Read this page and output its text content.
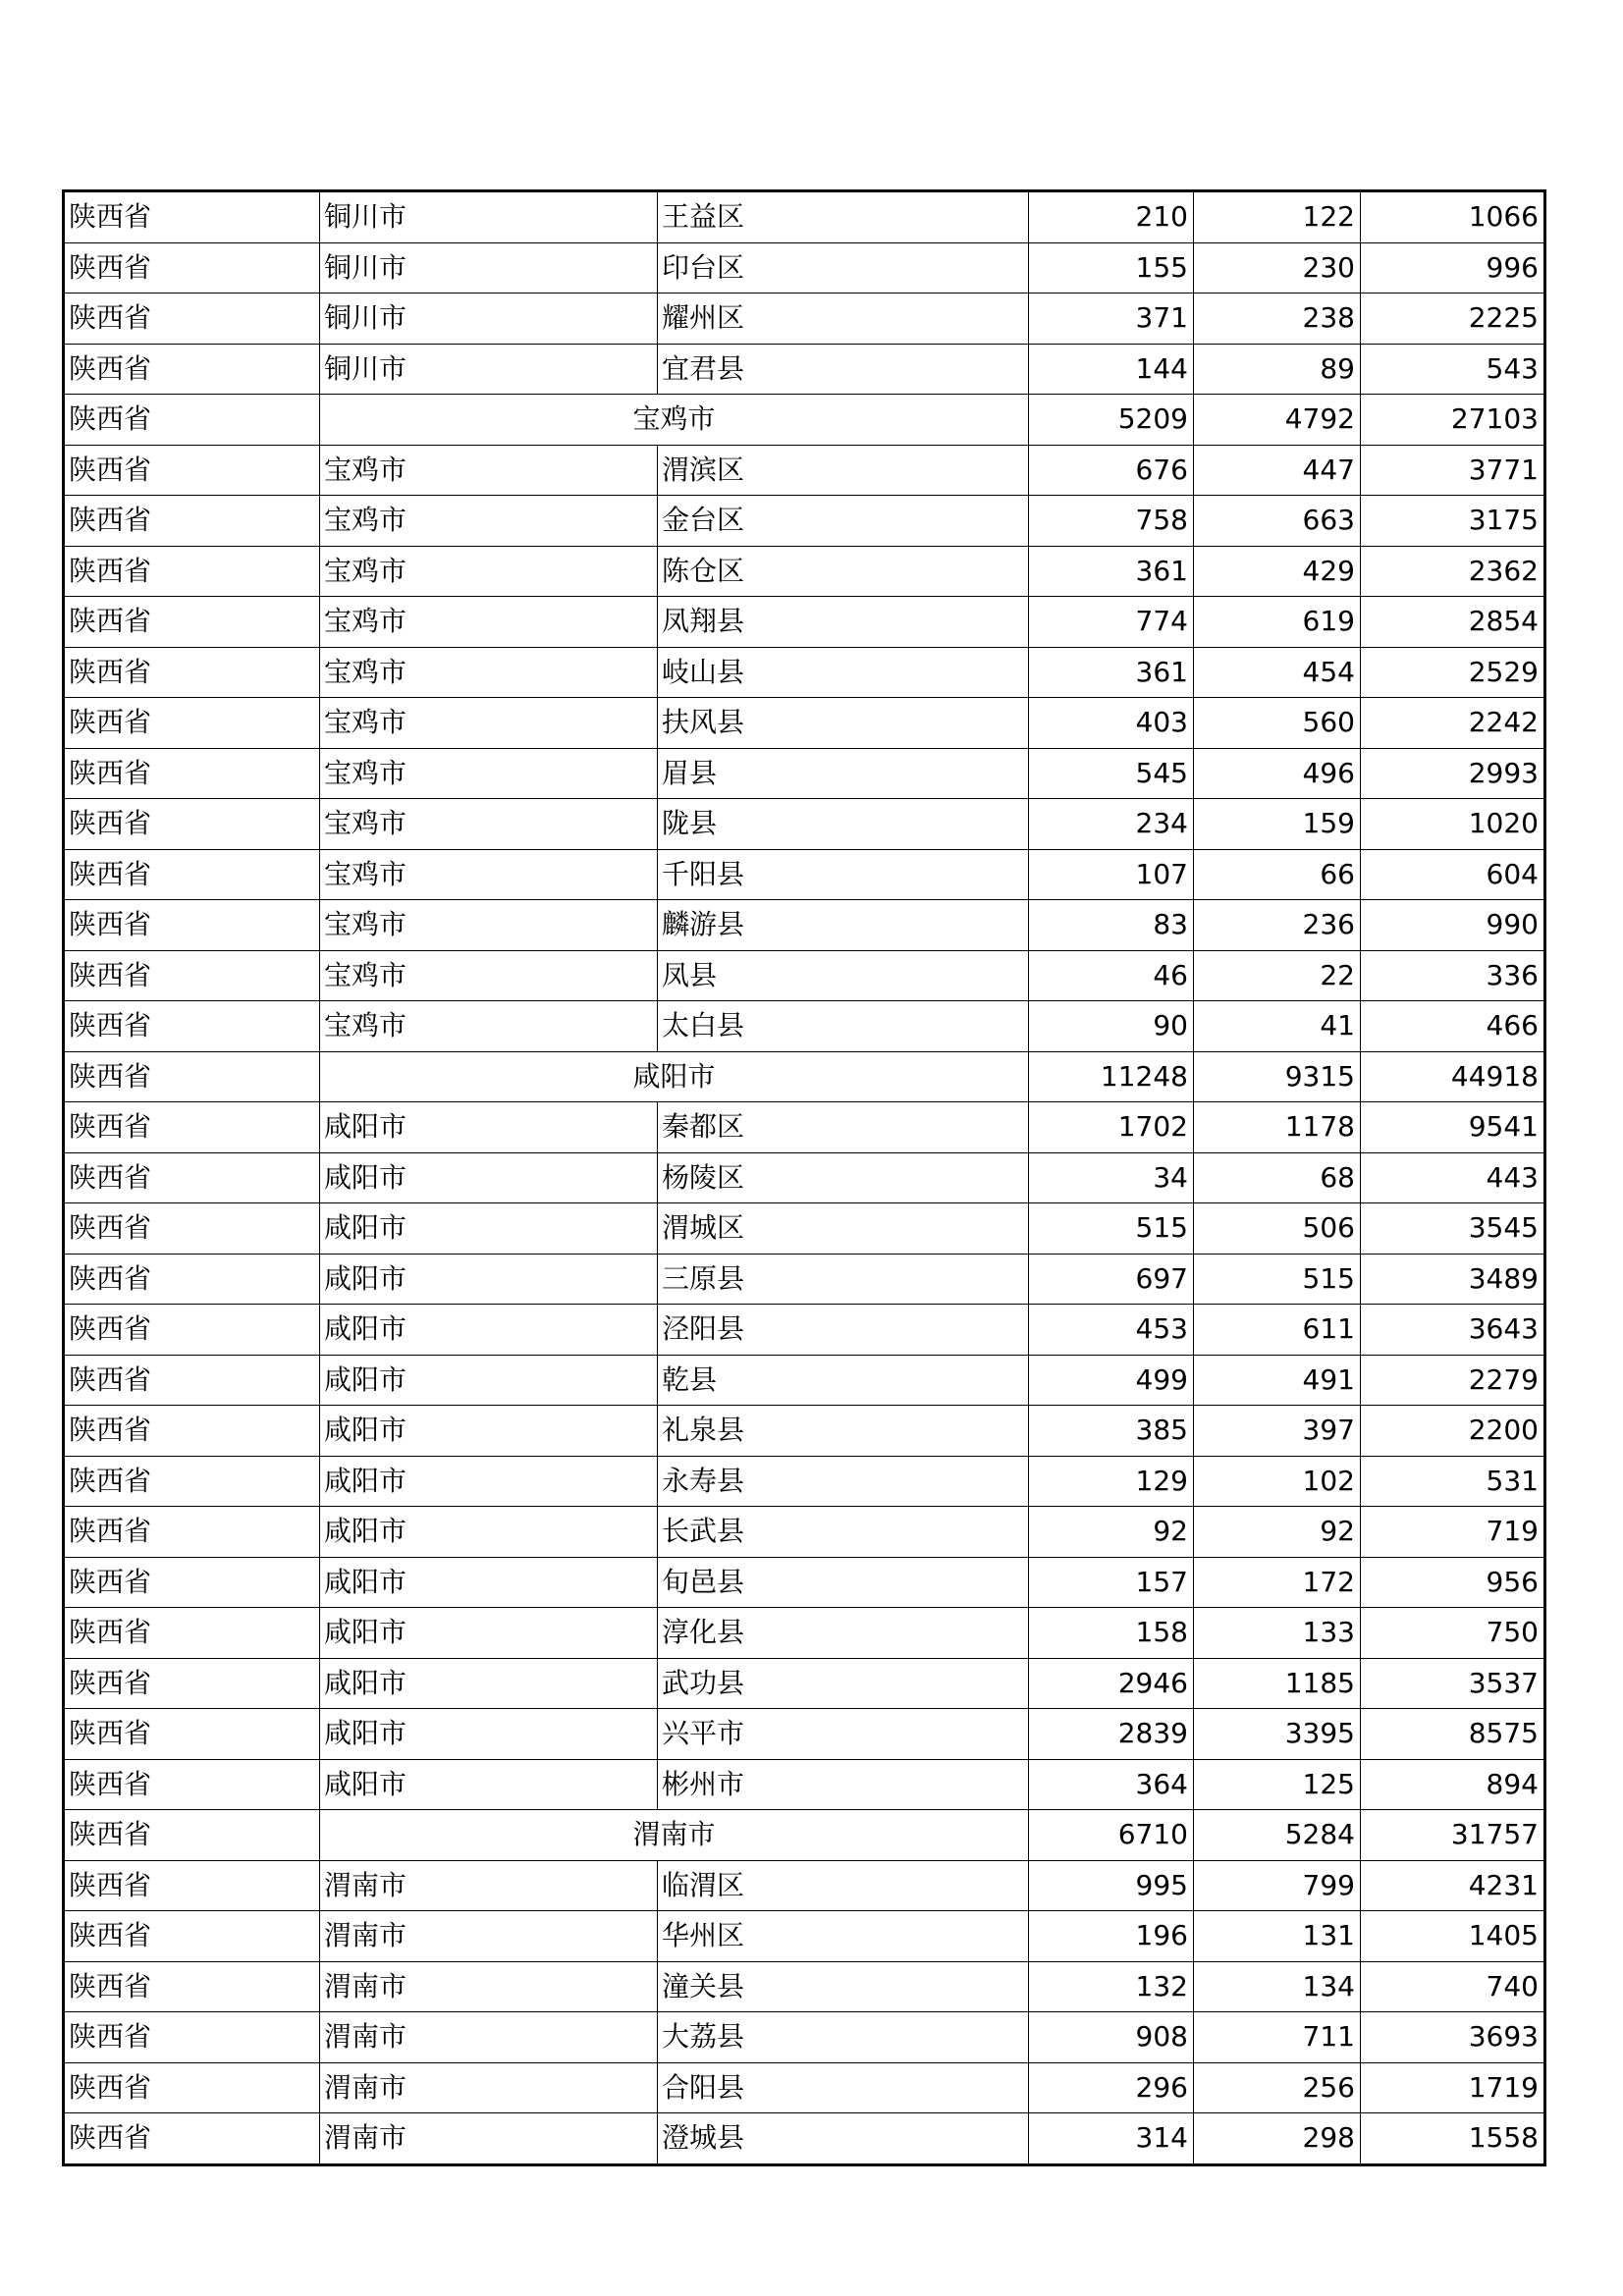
陕西省	铜川市	王益区	210	122	1066
陕西省	铜川市	印台区	155	230	996
陕西省	铜川市	耀州区	371	238	2225
陕西省	铜川市	宜君县	144	89	543
陕西省	宝鸡市		5209	4792	27103
陕西省	宝鸡市	渭滨区	676	447	3771
陕西省	宝鸡市	金台区	758	663	3175
陕西省	宝鸡市	陈仓区	361	429	2362
陕西省	宝鸡市	凤翔县	774	619	2854
陕西省	宝鸡市	岐山县	361	454	2529
陕西省	宝鸡市	扶风县	403	560	2242
陕西省	宝鸡市	眉县	545	496	2993
陕西省	宝鸡市	陇县	234	159	1020
陕西省	宝鸡市	千阳县	107	66	604
陕西省	宝鸡市	麟游县	83	236	990
陕西省	宝鸡市	凤县	46	22	336
陕西省	宝鸡市	太白县	90	41	466
陕西省	咸阳市		11248	9315	44918
陕西省	咸阳市	秦都区	1702	1178	9541
陕西省	咸阳市	杨陵区	34	68	443
陕西省	咸阳市	渭城区	515	506	3545
陕西省	咸阳市	三原县	697	515	3489
陕西省	咸阳市	泾阳县	453	611	3643
陕西省	咸阳市	乾县	499	491	2279
陕西省	咸阳市	礼泉县	385	397	2200
陕西省	咸阳市	永寿县	129	102	531
陕西省	咸阳市	长武县	92	92	719
陕西省	咸阳市	旬邑县	157	172	956
陕西省	咸阳市	淳化县	158	133	750
陕西省	咸阳市	武功县	2946	1185	3537
陕西省	咸阳市	兴平市	2839	3395	8575
陕西省	咸阳市	彬州市	364	125	894
陕西省	渭南市		6710	5284	31757
陕西省	渭南市	临渭区	995	799	4231
陕西省	渭南市	华州区	196	131	1405
陕西省	渭南市	潼关县	132	134	740
陕西省	渭南市	大荔县	908	711	3693
陕西省	渭南市	合阳县	296	256	1719
陕西省	渭南市	澄城县	314	298	1558
